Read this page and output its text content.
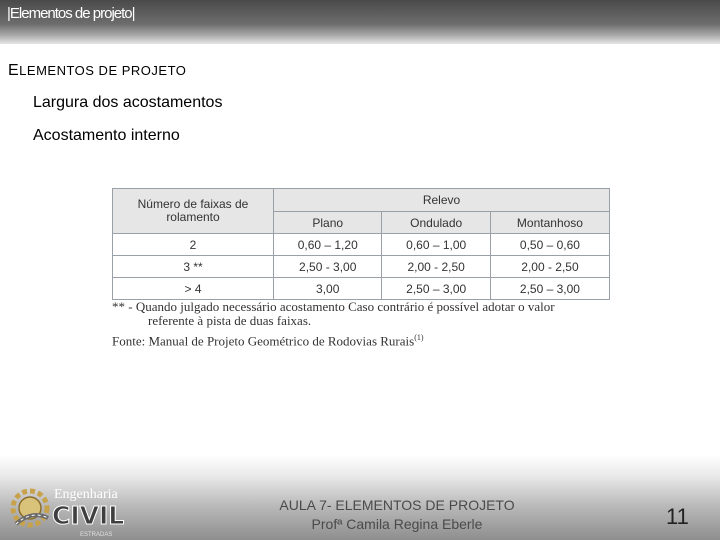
|Elementos de projeto|
ELEMENTOS DE PROJETO
Largura dos acostamentos
Acostamento interno
Número de faixas de rolamento	Relevo		
	Plano	Ondulado	Montanhoso
2	0,60 – 1,20	0,60 – 1,00	0,50 – 0,60
3 **	2,50 - 3,00	2,00 - 2,50	2,00 - 2,50
> 4	3,00	2,50 – 3,00	2,50 – 3,00
** - Quando julgado necessário acostamento Caso contrário é possível adotar o valor
referente à pista de duas faixas.
Fonte: Manual de Projeto Geométrico de Rodovias Rurais$^{(1)}$
Engenharia
CIVIL
ESTRADAS
AULA 7- ELEMENTOS DE PROJETO
Profª Camila Regina Eberle	11
